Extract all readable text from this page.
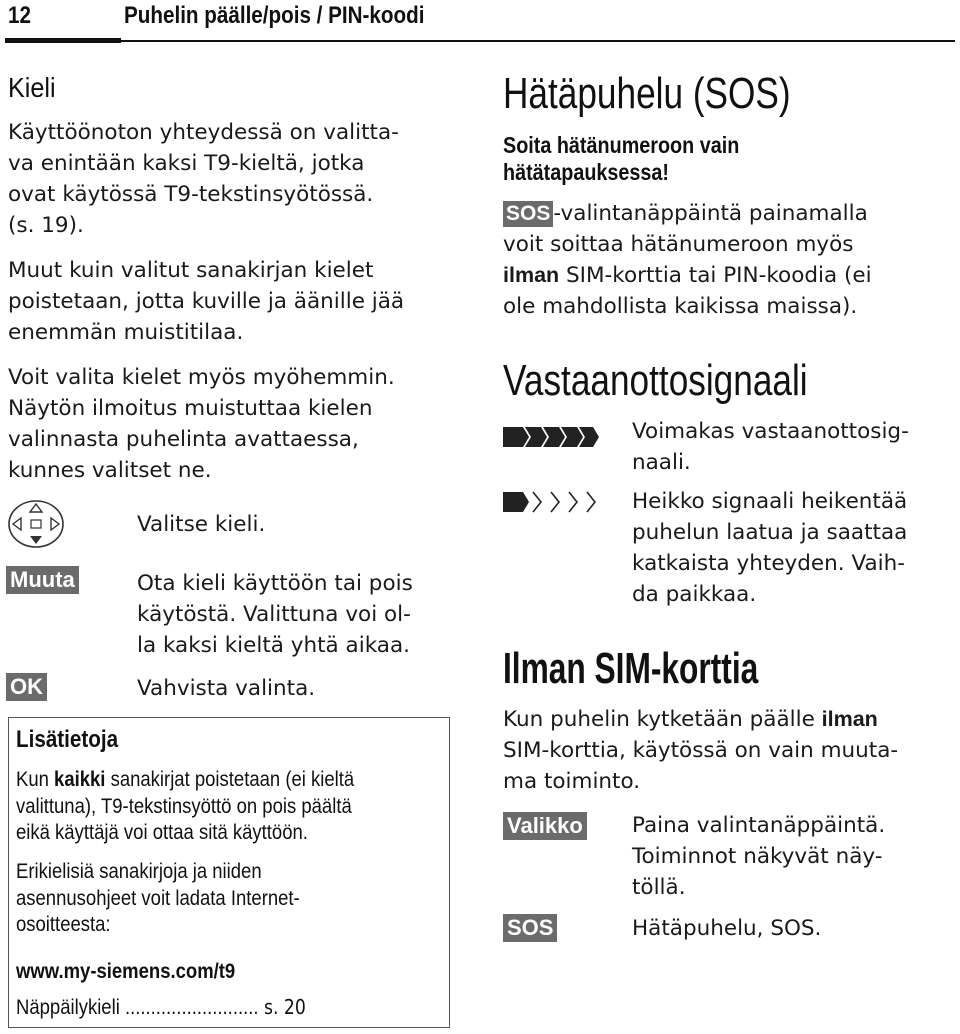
12	Puhelin päälle/pois / PIN-koodi
Kieli
Käyttöönoton yhteydessä on valitta-
va enintään kaksi T9-kieltä, jotka
ovat käytössä T9-tekstinsyötössä.
(s. 19).
Muut kuin valitut sanakirjan kielet
poistetaan, jotta kuville ja äänille jää
enemmän muistitilaa.
Voit valita kielet myös myöhemmin.
Näytön ilmoitus muistuttaa kielen
valinnasta puhelinta avattaessa,
kunnes valitset ne.
Valitse kieli.
Muuta	Ota kieli käyttöön tai pois
käytöstä. Valittuna voi ol-
la kaksi kieltä yhtä aikaa.
OK	Vahvista valinta.
Lisätietoja
Kun kaikki sanakirjat poistetaan (ei kieltä
valittuna), T9-tekstinsyöttö on pois päältä
eikä käyttäjä voi ottaa sitä käyttöön.
Erikielisiä sanakirjoja ja niiden
asennusohjeet voit ladata Internet-
osoitteesta:
www.my-siemens.com/t9
Näppäilykieli .......................... s. 20
Hätäpuhelu (SOS)
Soita hätänumeroon vain
hätätapauksessa!
SOS -valintanäppäintä painamalla
voit soittaa hätänumeroon myös
ilman SIM-korttia tai PIN-koodia (ei
ole mahdollista kaikissa maissa).
Vastaanottosignaali
Voimakas vastaanottosig-
naali.
Heikko signaali heikentää
puhelun laatua ja saattaa
katkaista yhteyden. Vaih-
da paikkaa.
Ilman SIM-korttia
Kun puhelin kytketään päälle ilman
SIM-korttia, käytössä on vain muuta-
ma toiminto.
Valikko Paina valintanäppäintä.
Toiminnot näkyvät näy-
töllä.
SOS	Hätäpuhelu, SOS.
